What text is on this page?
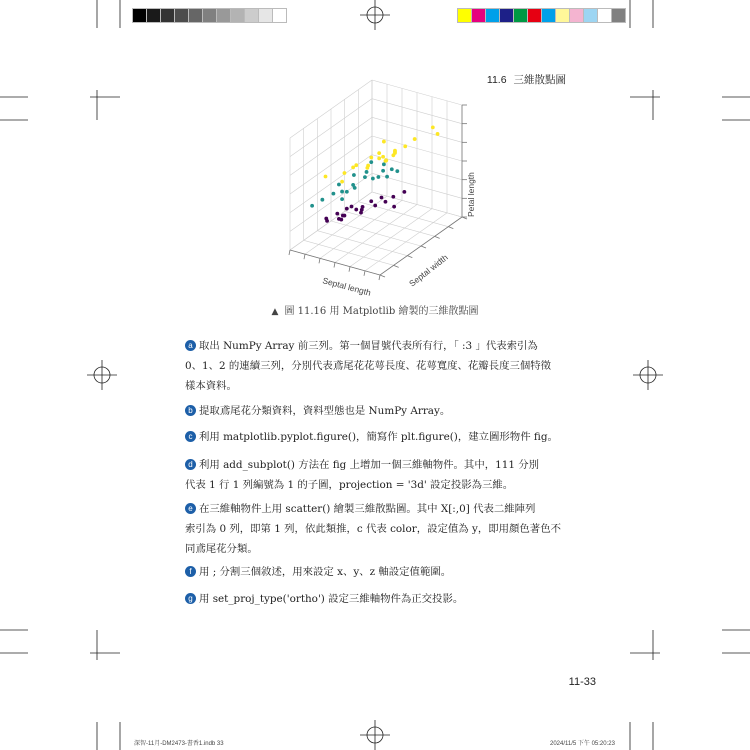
11.6 三維散點圖
Septal length	Septal width
Petal length
▲ 圖 11.16 用 Matplotlib 繪製的三維散點圖

a 取出 NumPy Array 前三列。第一個冒號代表所有行，「 :3 」代表索引為

0、1、2 的連續三列，分別代表鳶尾花花萼長度、花萼寬度、花瓣長度三個特徵

樣本資料。

b 提取鳶尾花分類資料，資料型態也是 NumPy Array。

c 利用 matplotlib.pyplot.figure()，簡寫作 plt.figure()，建立圖形物件 fig。

d 利用 add_subplot() 方法在 fig 上增加一個三維軸物件。其中，111 分別

代表 1 行 1 列編號為 1 的子圖，projection = '3d' 設定投影為三維。

e 在三維軸物件上用 scatter() 繪製三維散點圖。其中 X[:,0] 代表二維陣列

索引為 0 列，即第 1 列，依此類推，c 代表 color，設定值為 y，即用顏色著色不

同鳶尾花分類。

f 用 ; 分割三個敘述，用來設定 x、y、z 軸設定值範圍。

g 用 set_proj_type('ortho') 設定三維軸物件為正交投影。

11-33
深智-11月-DM2473-書香1.indb 33	2024/11/5 下午 05:20:23
